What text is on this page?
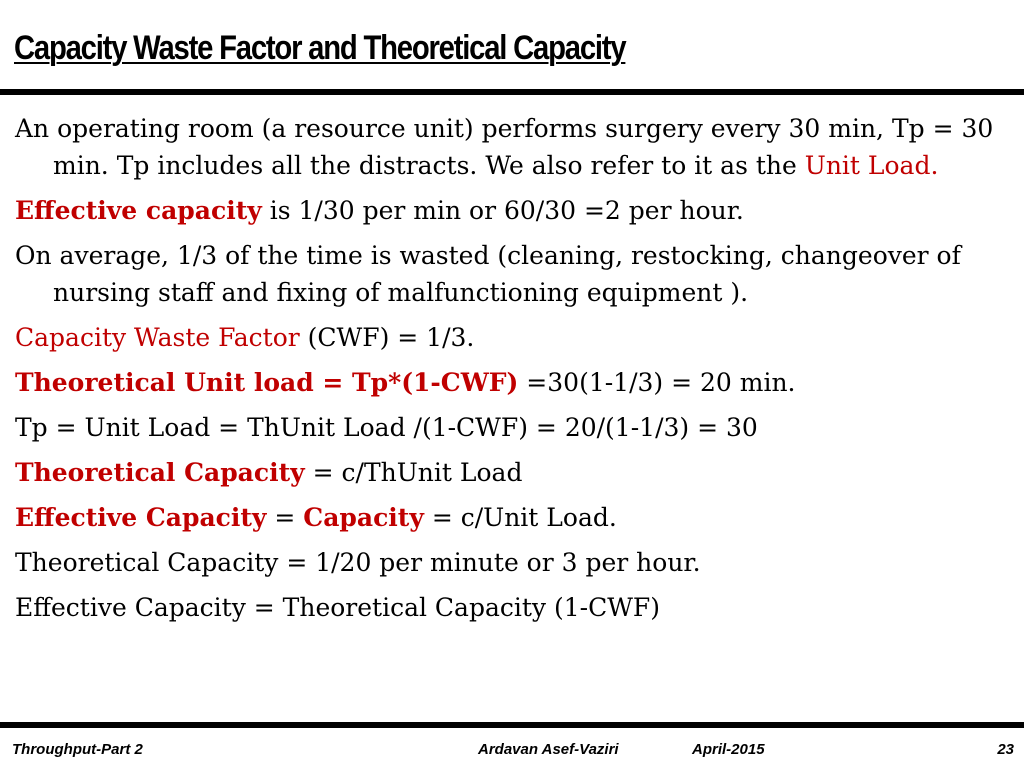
Capacity Waste Factor and Theoretical Capacity

An operating room (a resource unit) performs surgery every 30 min, Tp = 30 min. Tp includes all the distracts. We also refer to it as the Unit Load.

Effective capacity is 1/30 per min or 60/30 =2 per hour.

On average, 1/3 of the time is wasted (cleaning, restocking, changeover of nursing staff and fixing of malfunctioning equipment ).

Capacity Waste Factor (CWF) = 1/3.

Theoretical Unit load = Tp*(1-CWF) =30(1-1/3) = 20 min.

Tp = Unit Load = ThUnit Load /(1-CWF) = 20/(1-1/3) = 30

Theoretical Capacity = c/ThUnit Load

Effective Capacity = Capacity = c/Unit Load.

Theoretical Capacity = 1/20 per minute or 3 per hour.

Effective Capacity = Theoretical Capacity (1-CWF)

Throughput-Part 2	Ardavan Asef-Vaziri	April-2015	23
